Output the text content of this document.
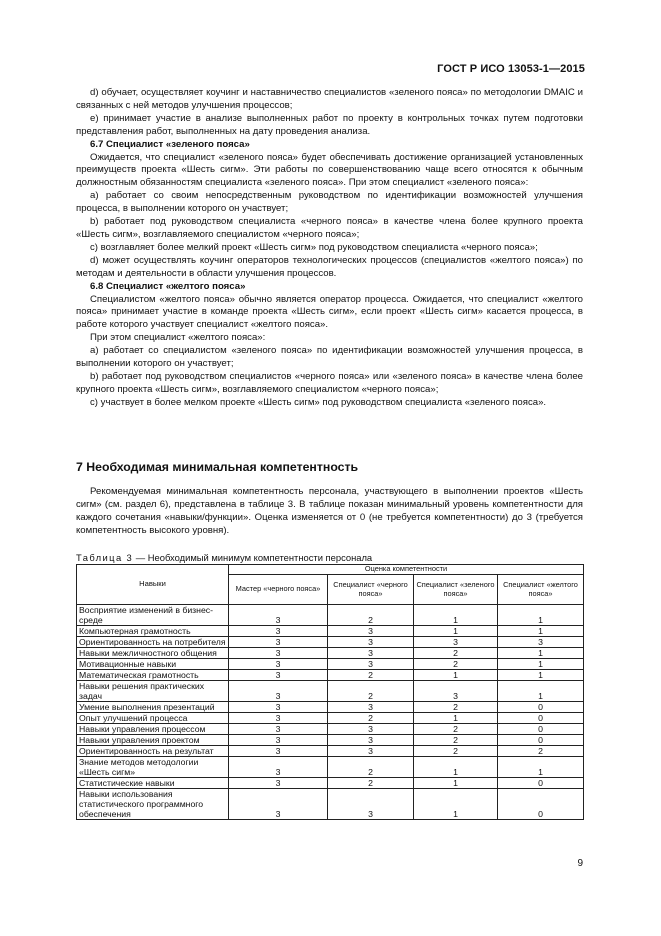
ГОСТ Р ИСО 13053-1—2015

d) обучает, осуществляет коучинг и наставничество специалистов «зеленого пояса» по методологии DMAIC и связанных с ней методов улучшения процессов;

e) принимает участие в анализе выполненных работ по проекту в контрольных точках путем подготовки представления работ, выполненных на дату проведения анализа.

6.7 Специалист «зеленого пояса»

Ожидается, что специалист «зеленого пояса» будет обеспечивать достижение организацией установленных преимуществ проекта «Шесть сигм». Эти работы по совершенствованию чаще всего относятся к обычным должностным обязанностям специалиста «зеленого пояса». При этом специалист «зеленого пояса»:

a) работает со своим непосредственным руководством по идентификации возможностей улучшения процесса, в выполнении которого он участвует;

b) работает под руководством специалиста «черного пояса» в качестве члена более крупного проекта «Шесть сигм», возглавляемого специалистом «черного пояса»;

c) возглавляет более мелкий проект «Шесть сигм» под руководством специалиста «черного пояса»;

d) может осуществлять коучинг операторов технологических процессов (специалистов «желтого пояса») по методам и деятельности в области улучшения процессов.

6.8 Специалист «желтого пояса»

Специалистом «желтого пояса» обычно является оператор процесса. Ожидается, что специалист «желтого пояса» принимает участие в команде проекта «Шесть сигм», если проект «Шесть сигм» касается процесса, в работе которого участвует специалист «желтого пояса».

При этом специалист «желтого пояса»:

a) работает со специалистом «зеленого пояса» по идентификации возможностей улучшения процесса, в выполнении которого он участвует;

b) работает под руководством специалистов «черного пояса» или «зеленого пояса» в качестве члена более крупного проекта «Шесть сигм», возглавляемого специалистом «черного пояса»;

c) участвует в более мелком проекте «Шесть сигм» под руководством специалиста «зеленого пояса».

7 Необходимая минимальная компетентность

Рекомендуемая минимальная компетентность персонала, участвующего в выполнении проектов «Шесть сигм» (см. раздел 6), представлена в таблице 3. В таблице показан минимальный уровень компетентности для каждого сочетания «навыки/функции». Оценка изменяется от 0 (не требуется компетентности) до 3 (требуется компетентность высокого уровня).

Таблица 3 — Необходимый минимум компетентности персонала
Навыки	Оценка компетентности			
	Мастер «черного пояса»	Специалист «черного пояса»	Специалист «зеленого пояса»	Специалист «желтого пояса»
Восприятие изменений в бизнес-среде	3	2	1	1
Компьютерная грамотность	3	3	1	1
Ориентированность на потребителя	3	3	3	3
Навыки межличностного общения	3	3	2	1
Мотивационные навыки	3	3	2	1
Математическая грамотность	3	2	1	1
Навыки решения практических задач	3	2	3	1
Умение выполнения презентаций	3	3	2	0
Опыт улучшений процесса	3	2	1	0
Навыки управления процессом	3	3	2	0
Навыки управления проектом	3	3	2	0
Ориентированность на результат	3	3	2	2
Знание методов методологии «Шесть сигм»	3	2	1	1
Статистические навыки	3	2	1	0
Навыки использования статистического программного обеспечения	3	3	1	0
9
